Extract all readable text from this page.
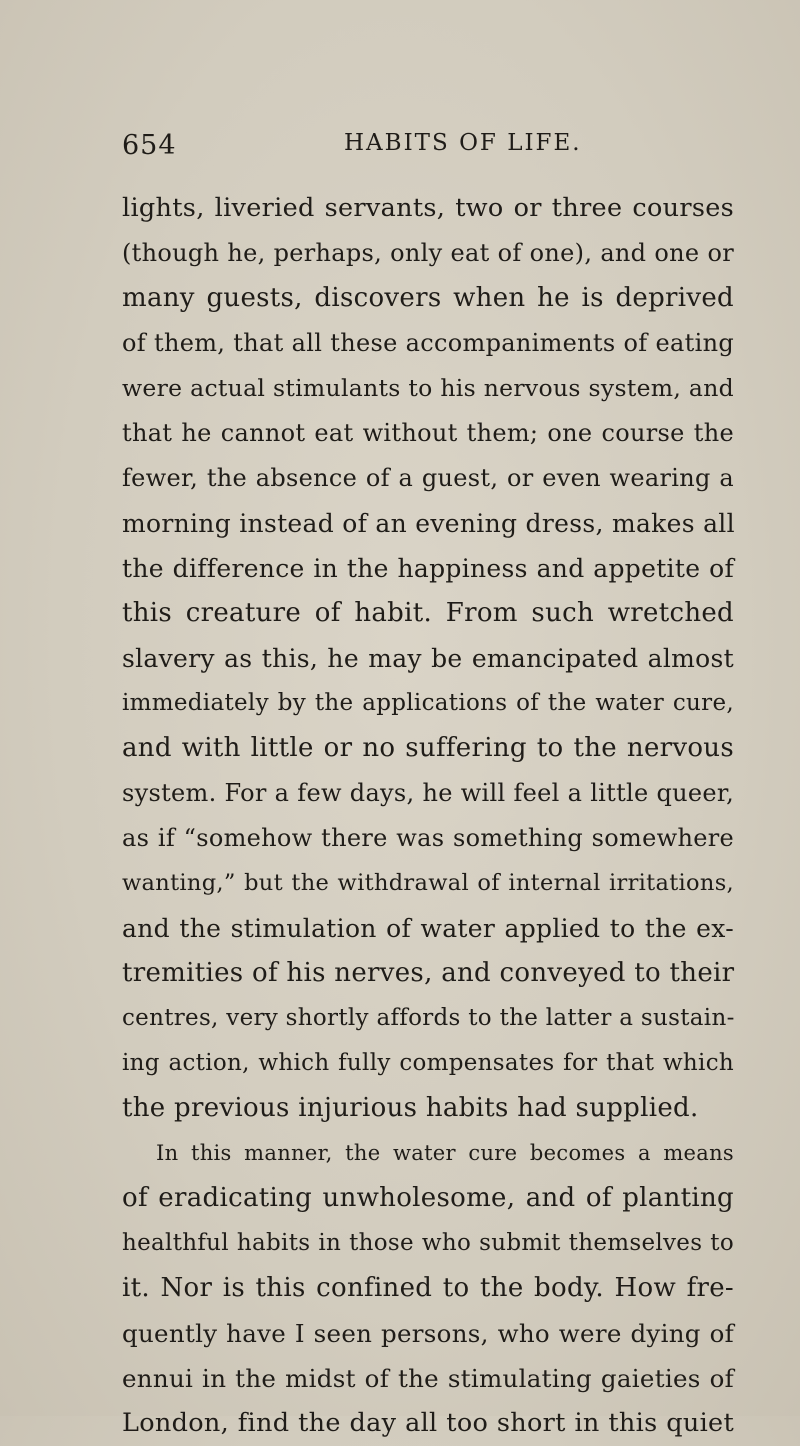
654	HABITS OF LIFE.
lights, liveried servants, two or three courses
(though he, perhaps, only eat of one), and one or
many guests, discovers when he is deprived
of them, that all these accompaniments of eating
were actual stimulants to his nervous system, and
that he cannot eat without them; one course the
fewer, the absence of a guest, or even wearing a
morning instead of an evening dress, makes all
the difference in the happiness and appetite of
this creature of habit. From such wretched
slavery as this, he may be emancipated almost
immediately by the applications of the water cure,
and with little or no suffering to the nervous
system. For a few days, he will feel a little queer,
as if “somehow there was something somewhere
wanting,” but the withdrawal of internal irritations,
and the stimulation of water applied to the ex-
tremities of his nerves, and conveyed to their
centres, very shortly affords to the latter a sustain-
ing action, which fully compensates for that which
the previous injurious habits had supplied.
In this manner, the water cure becomes a means
of eradicating unwholesome, and of planting
healthful habits in those who submit themselves to
it. Nor is this confined to the body. How fre-
quently have I seen persons, who were dying of
ennui in the midst of the stimulating gaieties of
London, find the day all too short in this quiet
